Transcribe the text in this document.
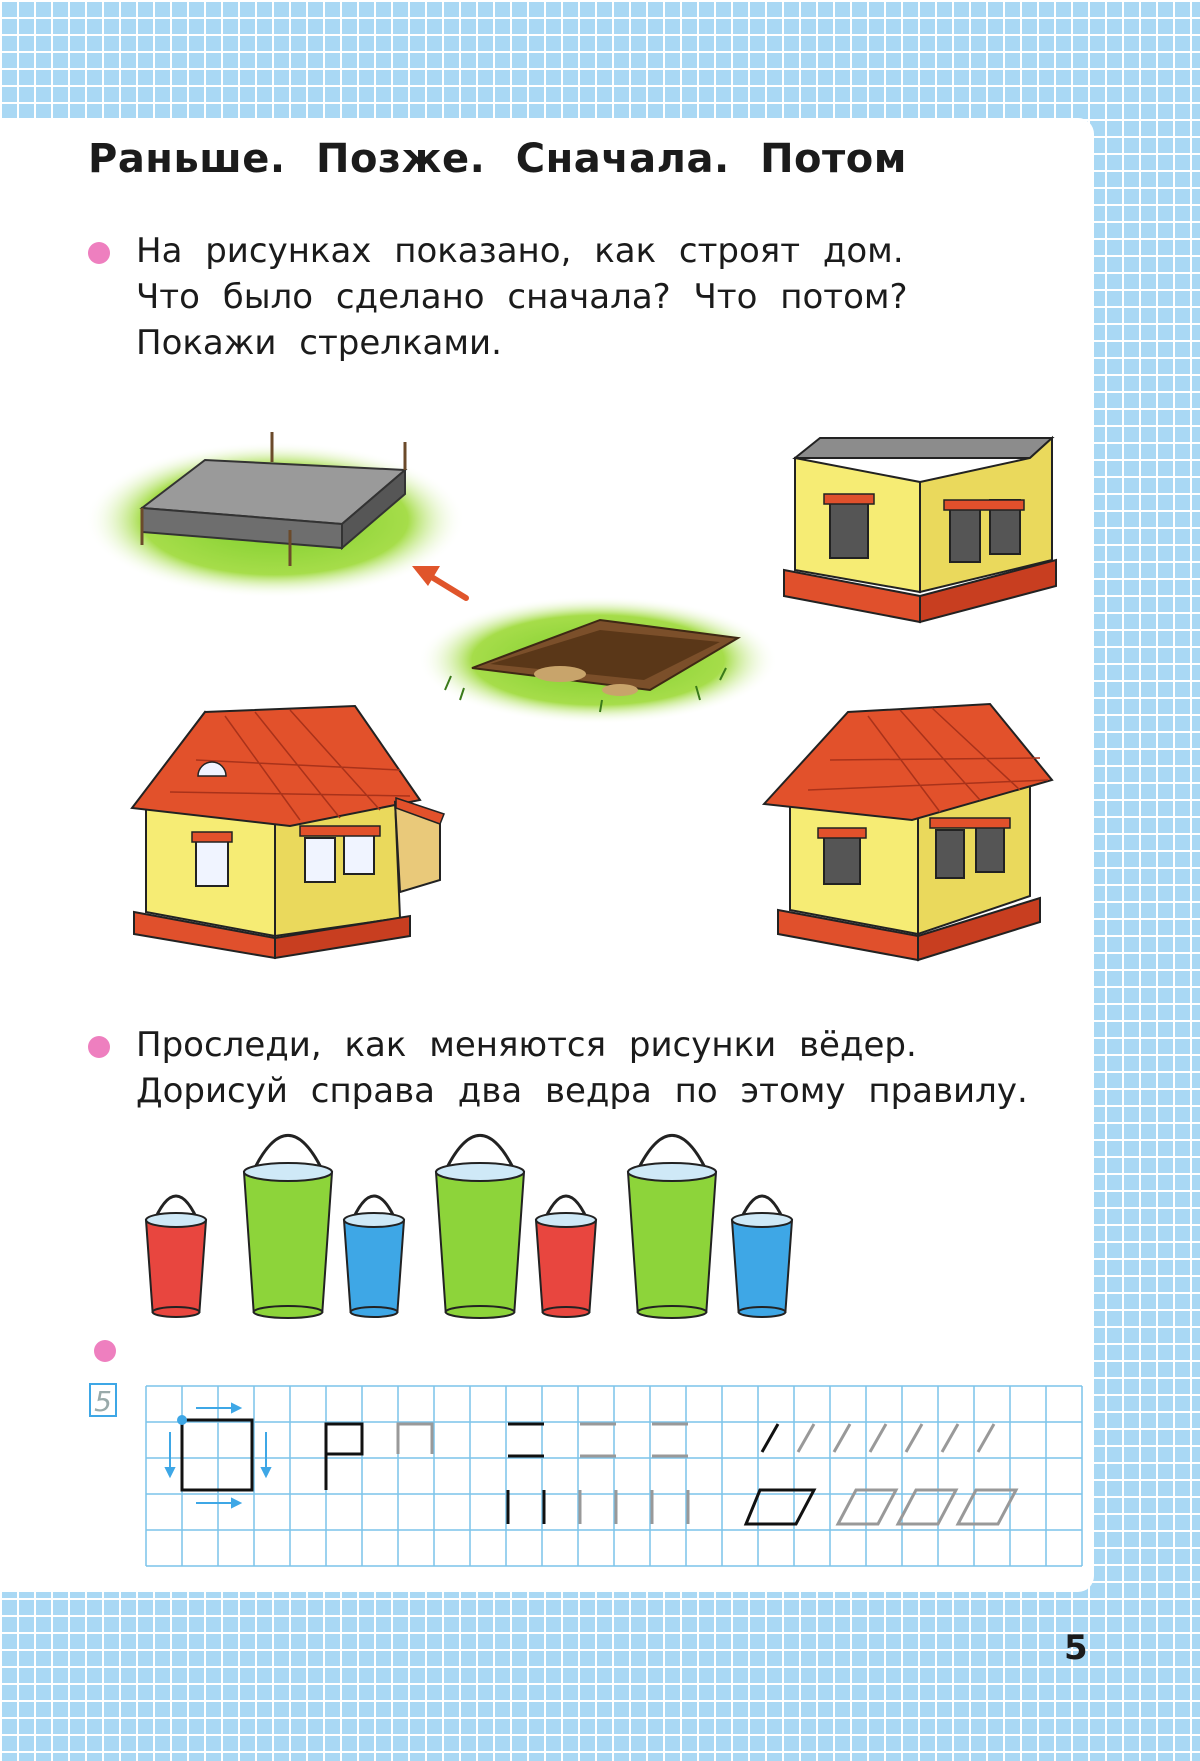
Раньше. Позже. Сначала. Потом

На рисунках показано, как строят дом.

Что было сделано сначала? Что потом?

Покажи стрелками.

Проследи, как меняются рисунки вёдер.

Дорисуй справа два ведра по этому правилу.

5
5
